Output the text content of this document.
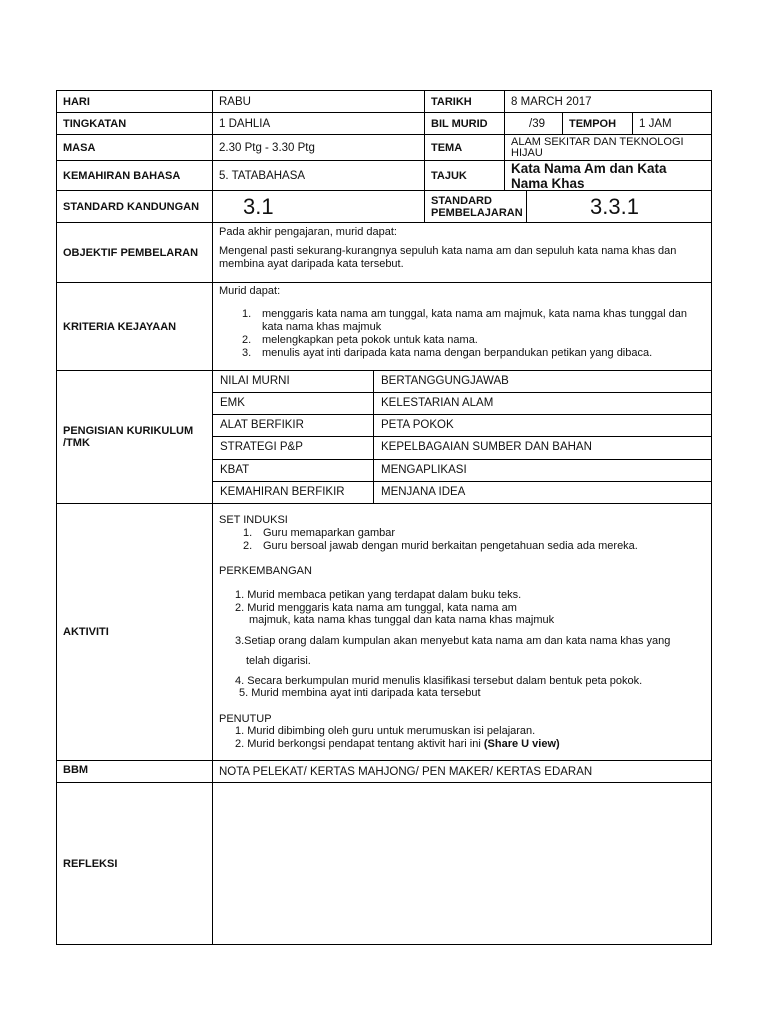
HARI	RABU	TARIKH	8 MARCH 2017
TINGKATAN	1 DAHLIA	BIL MURID	/39	TEMPOH	1 JAM
MASA	2.30 Ptg - 3.30 Ptg	TEMA	ALAM SEKITAR DAN TEKNOLOGI HIJAU
KEMAHIRAN BAHASA	5. TATABAHASA	TAJUK	Kata Nama Am dan Kata Nama Khas
STANDARD KANDUNGAN	3.1	STANDARD PEMBELAJARAN	3.3.1
OBJEKTIF PEMBELARAN
Pada akhir pengajaran, murid dapat:
Mengenal pasti sekurang-kurangnya sepuluh kata nama am dan sepuluh kata nama khas dan membina ayat daripada kata tersebut.
KRITERIA KEJAYAAN
Murid dapat:
1. menggaris kata nama am tunggal, kata nama am majmuk, kata nama khas tunggal dan kata nama khas majmuk
2. melengkapkan peta pokok untuk kata nama.
3. menulis ayat inti daripada kata nama dengan berpandukan petikan yang dibaca.
PENGISIAN KURIKULUM /TMK
NILAI MURNI	BERTANGGUNGJAWAB
EMK	KELESTARIAN ALAM
ALAT BERFIKIR	PETA POKOK
STRATEGI P&P	KEPELBAGAIAN SUMBER DAN BAHAN
KBAT	MENGAPLIKASI
KEMAHIRAN BERFIKIR	MENJANA IDEA
AKTIVITI
SET INDUKSI
1. Guru memaparkan gambar
2. Guru bersoal jawab dengan murid berkaitan pengetahuan sedia ada mereka.
PERKEMBANGAN
1. Murid membaca petikan yang terdapat dalam buku teks.
2. Murid menggaris kata nama am tunggal, kata nama am
majmuk, kata nama khas tunggal dan kata nama khas majmuk
3.Setiap orang dalam kumpulan akan menyebut kata nama am dan kata nama khas yang
telah digarisi.
4. Secara berkumpulan murid menulis klasifikasi tersebut dalam bentuk peta pokok.
5. Murid membina ayat inti daripada kata tersebut
PENUTUP
1. Murid dibimbing oleh guru untuk merumuskan isi pelajaran.
2. Murid berkongsi pendapat tentang aktivit hari ini (Share U view)
BBM	NOTA PELEKAT/ KERTAS MAHJONG/ PEN MAKER/ KERTAS EDARAN
REFLEKSI
